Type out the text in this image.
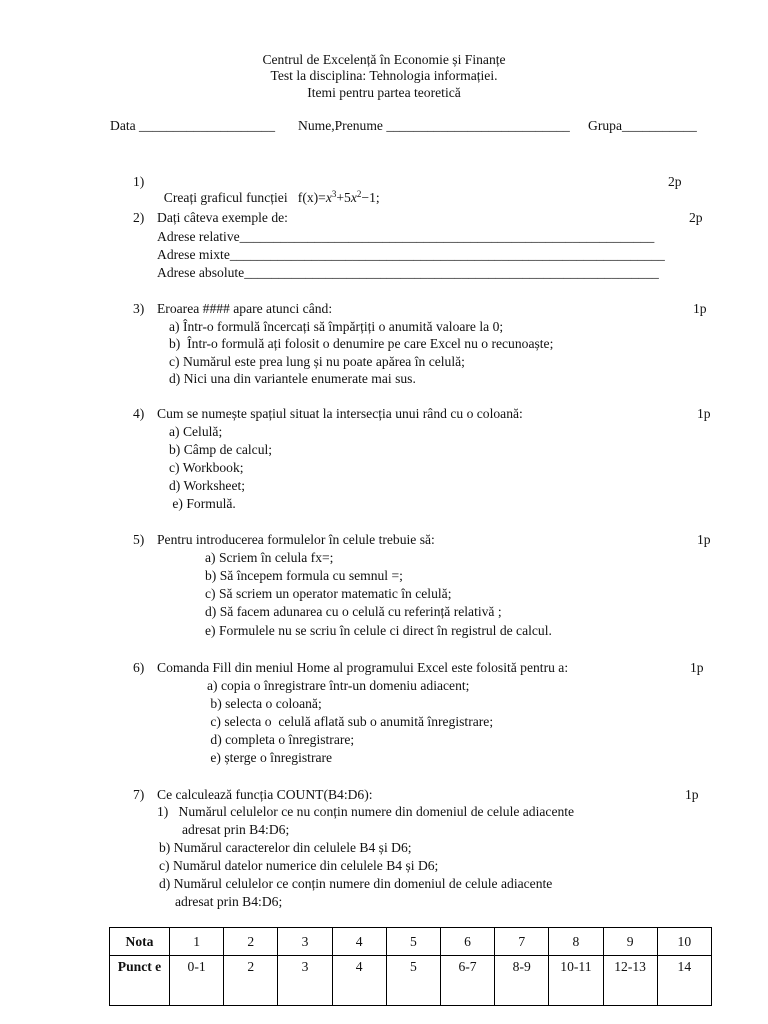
Centrul de Excelență în Economie și Finanțe
Test la disciplina: Tehnologia informației.
Itemi pentru partea teoretică
Data ____________________ Nume,Prenume ___________________________ Grupa___________
1)

Creați graficul funcției   $f(x)=x^3+5x^2-1$;

2p
2) Dați câteva exemple de:	2p
Adrese relative_____________________________________________________________
Adrese mixte________________________________________________________________
Adrese absolute_____________________________________________________________
3) Eroarea #### apare atunci când:	1p
a) Într-o formulă încercați să împărțiți o anumită valoare la 0;
b)  Într-o formulă ați folosit o denumire pe care Excel nu o recunoaște;
c) Numărul este prea lung și nu poate apărea în celulă;
d) Nici una din variantele enumerate mai sus.
4) Cum se numește spațiul situat la intersecția unui rând cu o coloană:	1p
a) Celulă;
b) Câmp de calcul;
c) Workbook;
d) Worksheet;
e) Formulă.
5) Pentru introducerea formulelor în celule trebuie să:	1p
a) Scriem în celula fx=;
b) Să începem formula cu semnul =;
c) Să scriem un operator matematic în celulă;
d) Să facem adunarea cu o celulă cu referință relativă ;
e) Formulele nu se scriu în celule ci direct în registrul de calcul.
6) Comanda Fill din meniul Home al programului Excel este folosită pentru a:	1p
a) copia o înregistrare într-un domeniu adiacent;
b) selecta o coloană;
c) selecta o  celulă aflată sub o anumită înregistrare;
d) completa o înregistrare;
e) șterge o înregistrare
7) Ce calculează funcția COUNT(B4:D6):	1p
1)   Numărul celulelor ce nu conțin numere din domeniul de celule adiacente
adresat prin B4:D6;
b) Numărul caracterelor din celulele B4 și D6;
c) Numărul datelor numerice din celulele B4 și D6;
d) Numărul celulelor ce conțin numere din domeniul de celule adiacente
adresat prin B4:D6;
Nota	1	2	3	4	5	6	7	8	9	10
Punct e	0-1	2	3	4	5	6-7	8-9	10-11	12-13	14
